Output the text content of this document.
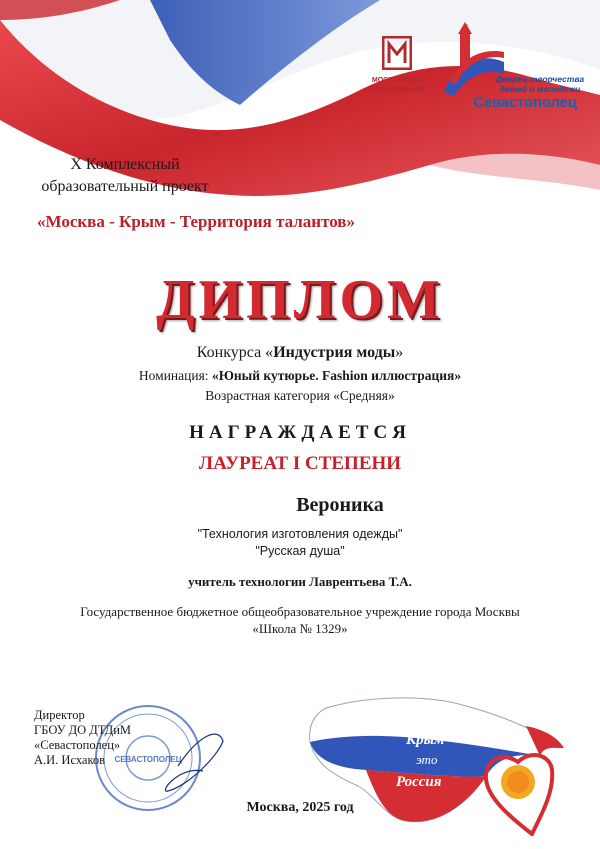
МОСКОВСКОЕ
ОБРАЗОВАНИЕ
Дворец творчества
детей и молодежи
Севастополец
X Комплексный
образовательный проект
«Москва - Крым - Территория талантов»
ДИПЛОМ
Конкурса «Индустрия моды»
Номинация: «Юный кутюрье. Fashion иллюстрация»
Возрастная категория «Средняя»
НАГРАЖДАЕТСЯ
ЛАУРЕАТ I СТЕПЕНИ
Вероника
"Технология изготовления одежды"
"Русская душа"
учитель технологии Лаврентьева Т.А.
Государственное бюджетное общеобразовательное учреждение города Москвы
«Школа № 1329»
СЕВАСТОПОЛЕЦ
Директор
ГБОУ ДО ДТДиМ
«Севастополец»
А.И. Исхаков
Крым -
это
Россия
Москва, 2025 год
